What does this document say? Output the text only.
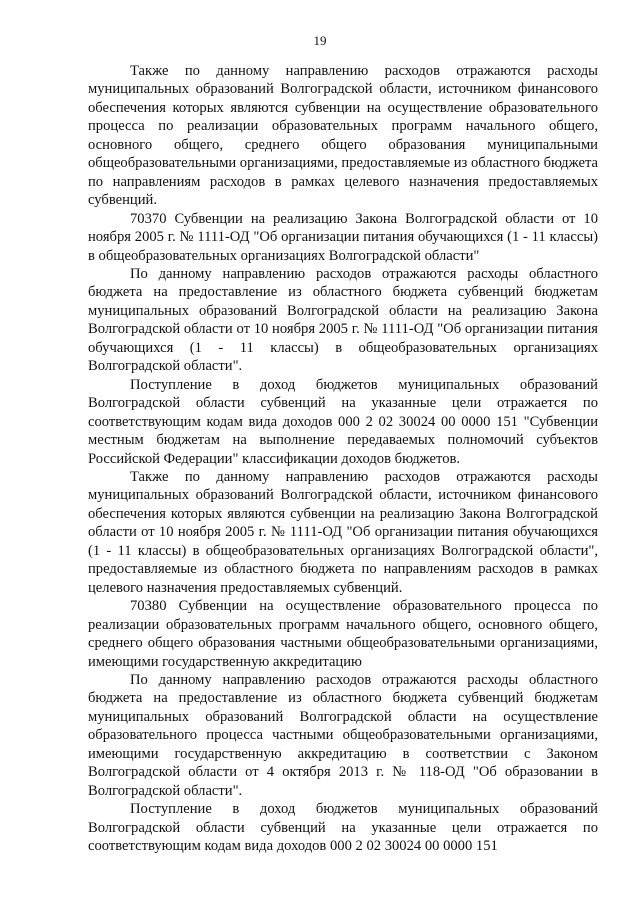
19

Также по данному направлению расходов отражаются расходы муниципальных образований Волгоградской области, источником финансового обеспечения которых являются субвенции на осуществление образовательного процесса по реализации образовательных программ начального общего, основного общего, среднего общего образования муниципальными общеобразовательными организациями, предоставляемые из областного бюджета по направлениям расходов в рамках целевого назначения предоставляемых субвенций.

70370 Субвенции на реализацию Закона Волгоградской области от 10 ноября 2005 г. № 1111-ОД "Об организации питания обучающихся (1 - 11 классы) в общеобразовательных организациях Волгоградской области"

По данному направлению расходов отражаются расходы областного бюджета на предоставление из областного бюджета субвенций бюджетам муниципальных образований Волгоградской области на реализацию Закона Волгоградской области от 10 ноября 2005 г. № 1111-ОД "Об организации питания обучающихся (1 - 11 классы) в общеобразовательных организациях Волгоградской области".

Поступление в доход бюджетов муниципальных образований Волгоградской области субвенций на указанные цели отражается по соответствующим кодам вида доходов 000 2 02 30024 00 0000 151 "Субвенции местным бюджетам на выполнение передаваемых полномочий субъектов Российской Федерации" классификации доходов бюджетов.

Также по данному направлению расходов отражаются расходы муниципальных образований Волгоградской области, источником финансового обеспечения которых являются субвенции на реализацию Закона Волгоградской области от 10 ноября 2005 г. № 1111-ОД "Об организации питания обучающихся (1 - 11 классы) в общеобразовательных организациях Волгоградской области", предоставляемые из областного бюджета по направлениям расходов в рамках целевого назначения предоставляемых субвенций.

70380 Субвенции на осуществление образовательного процесса по реализации образовательных программ начального общего, основного общего, среднего общего образования частными общеобразовательными организациями, имеющими государственную аккредитацию

По данному направлению расходов отражаются расходы областного бюджета на предоставление из областного бюджета субвенций бюджетам муниципальных образований Волгоградской области на осуществление образовательного процесса частными общеобразовательными организациями, имеющими государственную аккредитацию в соответствии с Законом Волгоградской области от 4 октября 2013 г. № 118-ОД "Об образовании в Волгоградской области".

Поступление в доход бюджетов муниципальных образований Волгоградской области субвенций на указанные цели отражается по соответствующим кодам вида доходов 000 2 02 30024 00 0000 151
